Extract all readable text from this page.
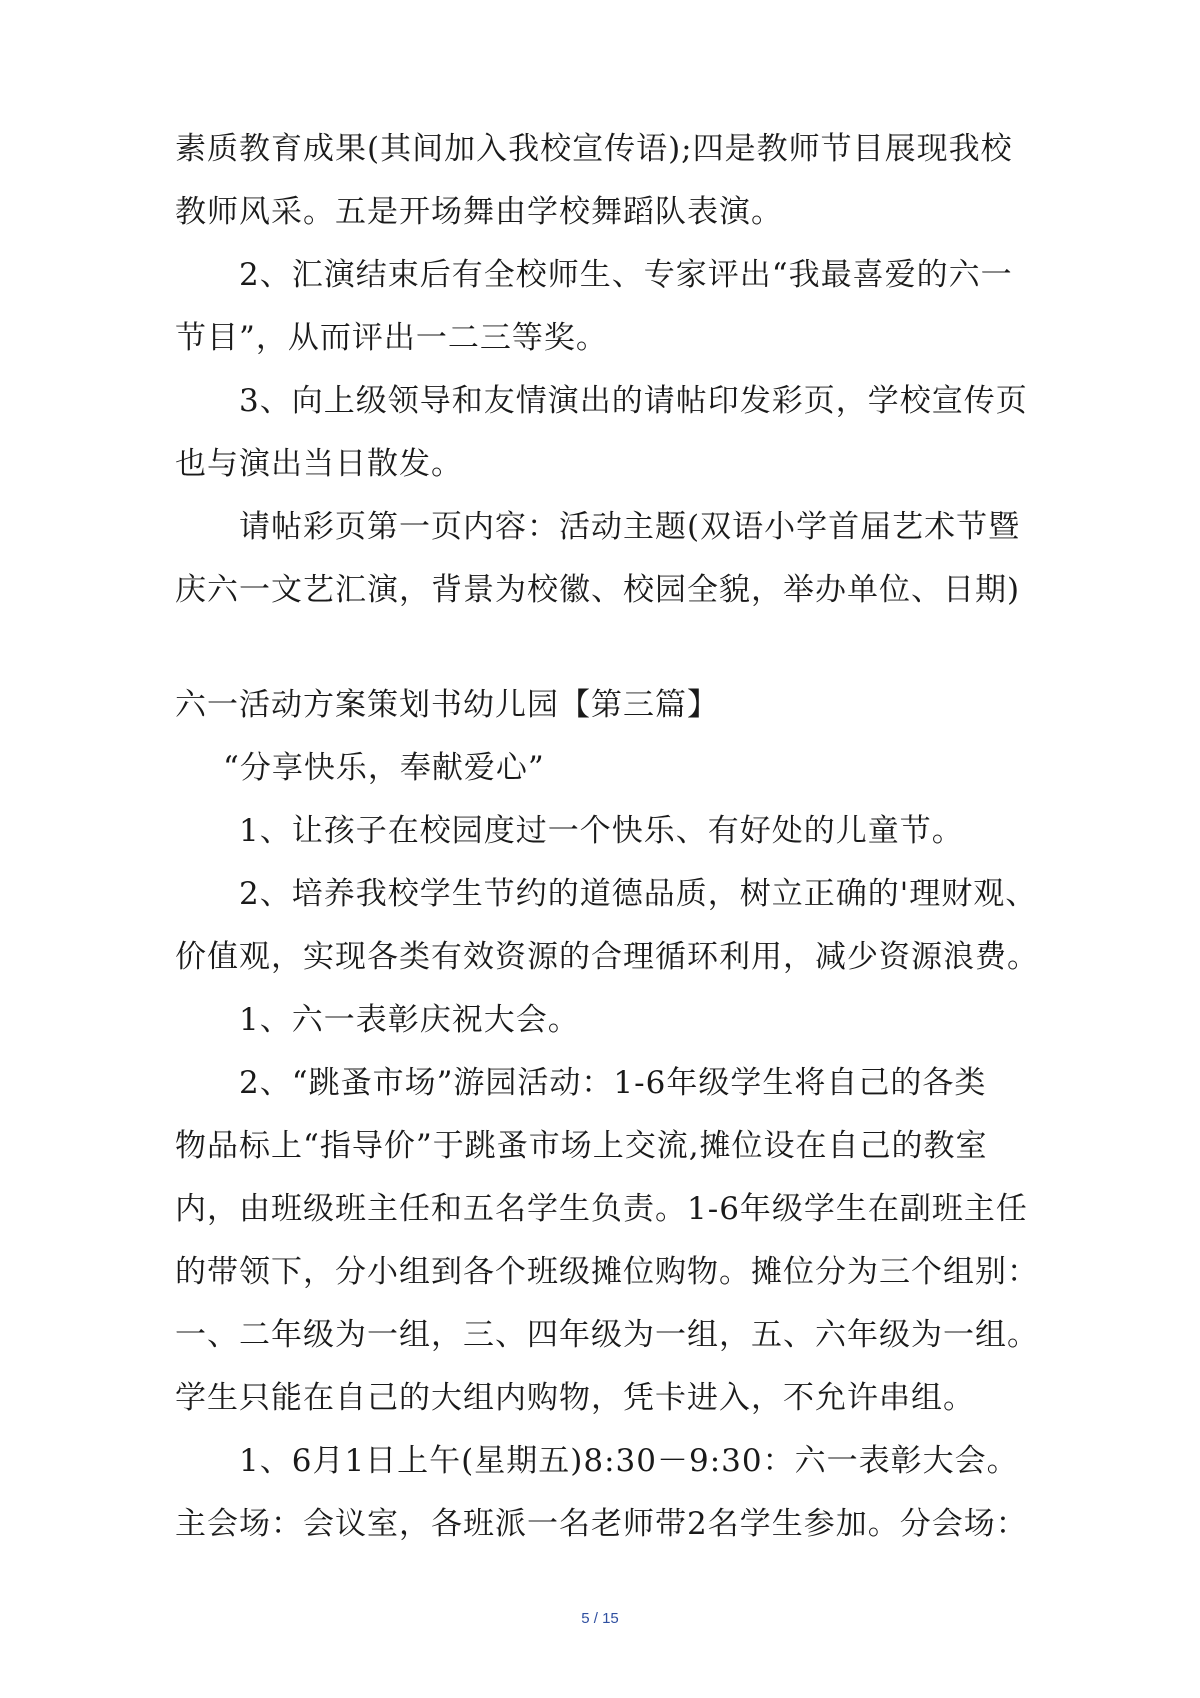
素质教育成果(其间加入我校宣传语);四是教师节目展现我校
教师风采。五是开场舞由学校舞蹈队表演。
2、汇演结束后有全校师生、专家评出“我最喜爱的六一
节目”，从而评出一二三等奖。
3、向上级领导和友情演出的请帖印发彩页，学校宣传页
也与演出当日散发。
请帖彩页第一页内容：活动主题(双语小学首届艺术节暨
庆六一文艺汇演，背景为校徽、校园全貌，举办单位、日期)
六一活动方案策划书幼儿园【第三篇】
“分享快乐，奉献爱心”
1、让孩子在校园度过一个快乐、有好处的儿童节。
2、培养我校学生节约的道德品质，树立正确的'理财观、
价值观，实现各类有效资源的合理循环利用，减少资源浪费。
1、六一表彰庆祝大会。
2、“跳蚤市场”游园活动：1-6年级学生将自己的各类
物品标上“指导价”于跳蚤市场上交流,摊位设在自己的教室
内，由班级班主任和五名学生负责。1-6年级学生在副班主任
的带领下，分小组到各个班级摊位购物。摊位分为三个组别：
一、二年级为一组，三、四年级为一组，五、六年级为一组。
学生只能在自己的大组内购物，凭卡进入，不允许串组。
1、6月1日上午(星期五)8:30－9:30：六一表彰大会。
主会场：会议室，各班派一名老师带2名学生参加。分会场：
5 / 15
